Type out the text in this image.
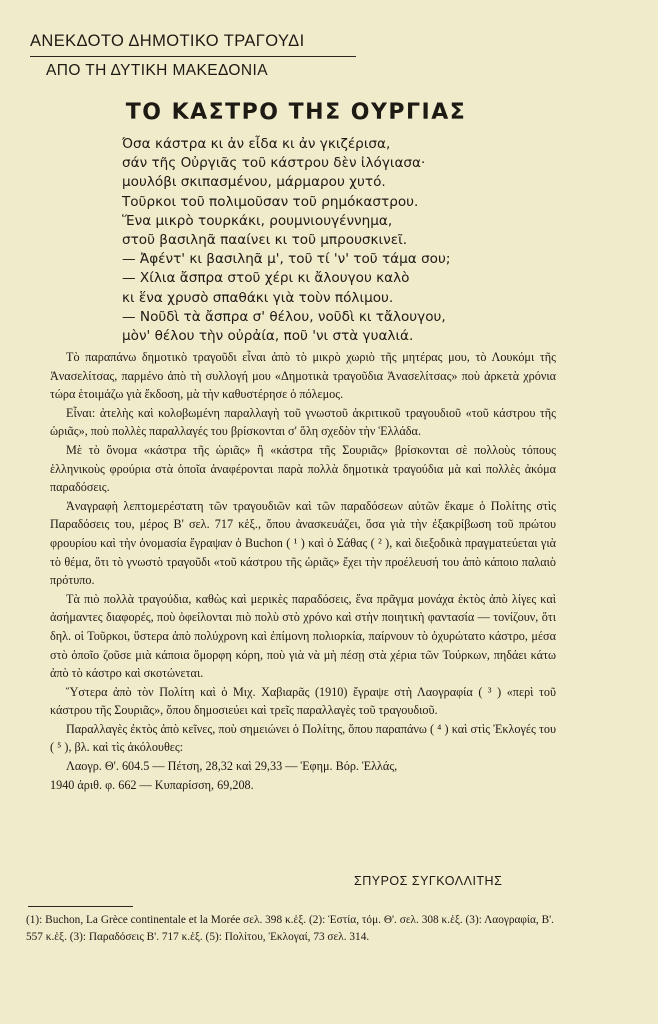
ΑΝΕΚΔΟΤΟ ΔΗΜΟΤΙΚΟ ΤΡΑΓΟΥΔΙ
ΑΠΟ ΤΗ ΔΥΤΙΚΗ ΜΑΚΕΔΟΝΙΑ
ΤΟ ΚΑΣΤΡΟ ΤΗΣ ΟΥΡΓΙΑΣ
Όσα κάστρα κι ἀν εἶδα κι ἀν γκιζέρισα,
σάν τῆς Οὐργιᾶς τοῦ κάστρου δὲν ἰλόγιασα·
μουλόβι σκιπασμένου, μάρμαρου χυτό.
Τοῦρκοι τοῦ πολιμοῦσαν τοῦ ρημόκαστρου.
Ἕνα μικρὸ τουρκάκι, ρουμνιουγέννημα,
στοῦ βασιληᾶ πααίνει κι τοῦ μπρουσκινεῖ.
— Ἀφέντ' κι βασιληᾶ μ', τοῦ τί 'ν' τοῦ τάμα σου;
— Χίλια ἄσπρα στοῦ χέρι κι ἄλουγου καλὸ
κι ἕνα χρυσὸ σπαθάκι γιὰ τοὺν πόλιμου.
— Νοῦδὶ τὰ ἄσπρα σ' θέλου, νοῦδὶ κι τἄλουγου,
μὸν' θέλου τὴν οὐρἀία, ποῦ 'νι στὰ γυαλιά.

Τὸ παραπάνω δημοτικὸ τραγοῦδι εἶναι ἀπὸ τὸ μικρὸ χωριὸ τῆς μητέρας μου, τὸ Λουκόμι τῆς Ἀνασελίτσας, παρμένο ἀπὸ τὴ συλλογή μου «Δημοτικὰ τραγοῦδια Ἀνασελίτσας» ποὺ ἀρκετὰ χρόνια τώρα ἑτοιμάζω γιὰ ἔκδοση, μὰ τὴν καθυστέρησε ὁ πόλεμος.

Εἶναι: ἀτελὴς καὶ κολοβωμένη παραλλαγὴ τοῦ γνωστοῦ ἀκριτικοῦ τραγουδιοῦ «τοῦ κάστρου τῆς ὡριᾶς», ποὺ πολλὲς παραλλαγές του βρίσκονται σ' ὅλη σχεδὸν τὴν Ἑλλάδα.

Μὲ τὸ ὄνομα «κάστρα τῆς ὡριᾶς» ἢ «κάστρα τῆς Σουριᾶς» βρίσκονται σὲ πολλοὺς τόπους ἑλληνικοὺς φρούρια στὰ ὁποῖα ἀναφέρονται παρὰ πολλὰ δημοτικὰ τραγούδια μὰ καὶ πολλὲς ἀκόμα παραδόσεις.

Ἀναγραφὴ λεπτομερέστατη τῶν τραγουδιῶν καὶ τῶν παραδόσεων αὐτῶν ἔκαμε ὁ Πολίτης στὶς Παραδόσεις του, μέρος Β' σελ. 717 κἑξ., ὅπου ἀνασκευάζει, ὅσα γιὰ τὴν ἐξακρίβωση τοῦ πρώτου φρουρίου καὶ τὴν ὀνομασία ἔγραψαν ὁ Buchon ( ¹ ) καὶ ὁ Σάθας ( ² ), καὶ διεξοδικὰ πραγματεύεται γιὰ τὸ θέμα, ὅτι τὸ γνωστὸ τραγοῦδι «τοῦ κάστρου τῆς ὡριᾶς» ἔχει τὴν προέλευσή του ἀπὸ κάποιο παλαιὸ πρότυπο.

Τὰ πιὸ πολλὰ τραγούδια, καθὼς καὶ μερικὲς παραδόσεις, ἕνα πρᾶγμα μονάχα ἐκτὸς ἀπὸ λίγες καὶ ἀσήμαντες διαφορές, ποὺ ὀφείλονται πιὸ πολὺ στὸ χρόνο καὶ στὴν ποιητικὴ φαντασία — τονίζουν, ὅτι δηλ. οἱ Τοῦρκοι, ὕστερα ἀπὸ πολύχρονη καὶ ἐπίμονη πολιορκία, παίρνουν τὸ ὀχυρώτατο κάστρο, μέσα στὸ ὁποῖο ζοῦσε μιὰ κάποια ὄμορφη κόρη, ποὺ γιὰ νὰ μὴ πέσῃ στὰ χέρια τῶν Τούρκων, πηδάει κάτω ἀπὸ τὸ κάστρο καὶ σκοτώνεται.

Ὕστερα ἀπὸ τὸν Πολίτη καὶ ὁ Μιχ. Χαβιαρᾶς (1910) ἔγραψε στὴ Λαογραφία ( ³ ) «περὶ τοῦ κάστρου τῆς Σουριᾶς», ὅπου δημοσιεύει καὶ τρεῖς παραλλαγὲς τοῦ τραγουδιοῦ.

Παραλλαγὲς ἐκτὸς ἀπὸ κεῖνες, ποὺ σημειώνει ὁ Πολίτης, ὅπου παραπάνω ( ⁴ ) καὶ στὶς Ἐκλογές του ( ⁵ ), βλ. καὶ τὶς ἀκόλουθες:

Λαογρ. Θ'. 604.5 — Πέτση, 28,32 καὶ 29,33 — Ἐφημ. Βόρ. Ἑλλάς,

1940 ἀριθ. φ. 662 — Κυπαρίσση, 69,208.

ΣΠΥΡΟΣ ΣΥΓΚΟΛΛΙΤΗΣ
(1): Buchon, La Grèce continentale et la Morée σελ. 398 κ.ἑξ. (2): Ἑστία, τόμ. Θ'. σελ. 308 κ.ἑξ. (3): Λαογραφία, Β'. 557 κ.ἑξ. (3): Παραδόσεις Β'. 717 κ.ἑξ. (5): Πολίτου, Ἐκλογαί, 73 σελ. 314.
